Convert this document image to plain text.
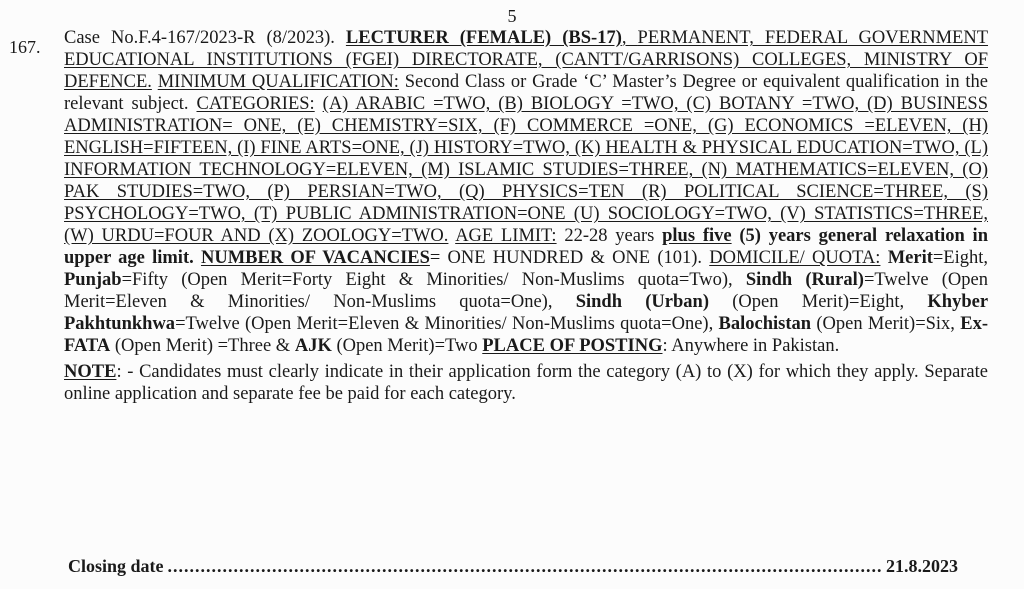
5
167. Case No.F.4-167/2023-R (8/2023). LECTURER (FEMALE) (BS-17), PERMANENT, FEDERAL GOVERNMENT EDUCATIONAL INSTITUTIONS (FGEI) DIRECTORATE, (CANTT/GARRISONS) COLLEGES, MINISTRY OF DEFENCE. MINIMUM QUALIFICATION: Second Class or Grade ‘C’ Master’s Degree or equivalent qualification in the relevant subject. CATEGORIES: (A) ARABIC =TWO, (B) BIOLOGY =TWO, (C) BOTANY =TWO, (D) BUSINESS ADMINISTRATION= ONE, (E) CHEMISTRY=SIX, (F) COMMERCE =ONE, (G) ECONOMICS =ELEVEN, (H) ENGLISH=FIFTEEN, (I) FINE ARTS=ONE, (J) HISTORY=TWO, (K) HEALTH & PHYSICAL EDUCATION=TWO, (L) INFORMATION TECHNOLOGY=ELEVEN, (M) ISLAMIC STUDIES=THREE, (N) MATHEMATICS=ELEVEN, (O) PAK STUDIES=TWO, (P) PERSIAN=TWO, (Q) PHYSICS=TEN (R) POLITICAL SCIENCE=THREE, (S) PSYCHOLOGY=TWO, (T) PUBLIC ADMINISTRATION=ONE (U) SOCIOLOGY=TWO, (V) STATISTICS=THREE, (W) URDU=FOUR AND (X) ZOOLOGY=TWO. AGE LIMIT: 22-28 years plus five (5) years general relaxation in upper age limit. NUMBER OF VACANCIES= ONE HUNDRED & ONE (101). DOMICILE/ QUOTA: Merit=Eight, Punjab=Fifty (Open Merit=Forty Eight & Minorities/ Non-Muslims quota=Two), Sindh (Rural)=Twelve (Open Merit=Eleven & Minorities/ Non-Muslims quota=One), Sindh (Urban) (Open Merit)=Eight, Khyber Pakhtunkhwa=Twelve (Open Merit=Eleven & Minorities/ Non-Muslims quota=One), Balochistan (Open Merit)=Six, Ex-FATA (Open Merit) =Three & AJK (Open Merit)=Two PLACE OF POSTING: Anywhere in Pakistan.

NOTE: - Candidates must clearly indicate in their application form the category (A) to (X) for which they apply. Separate online application and separate fee be paid for each category.

Closing date
.....	21.8.2023
